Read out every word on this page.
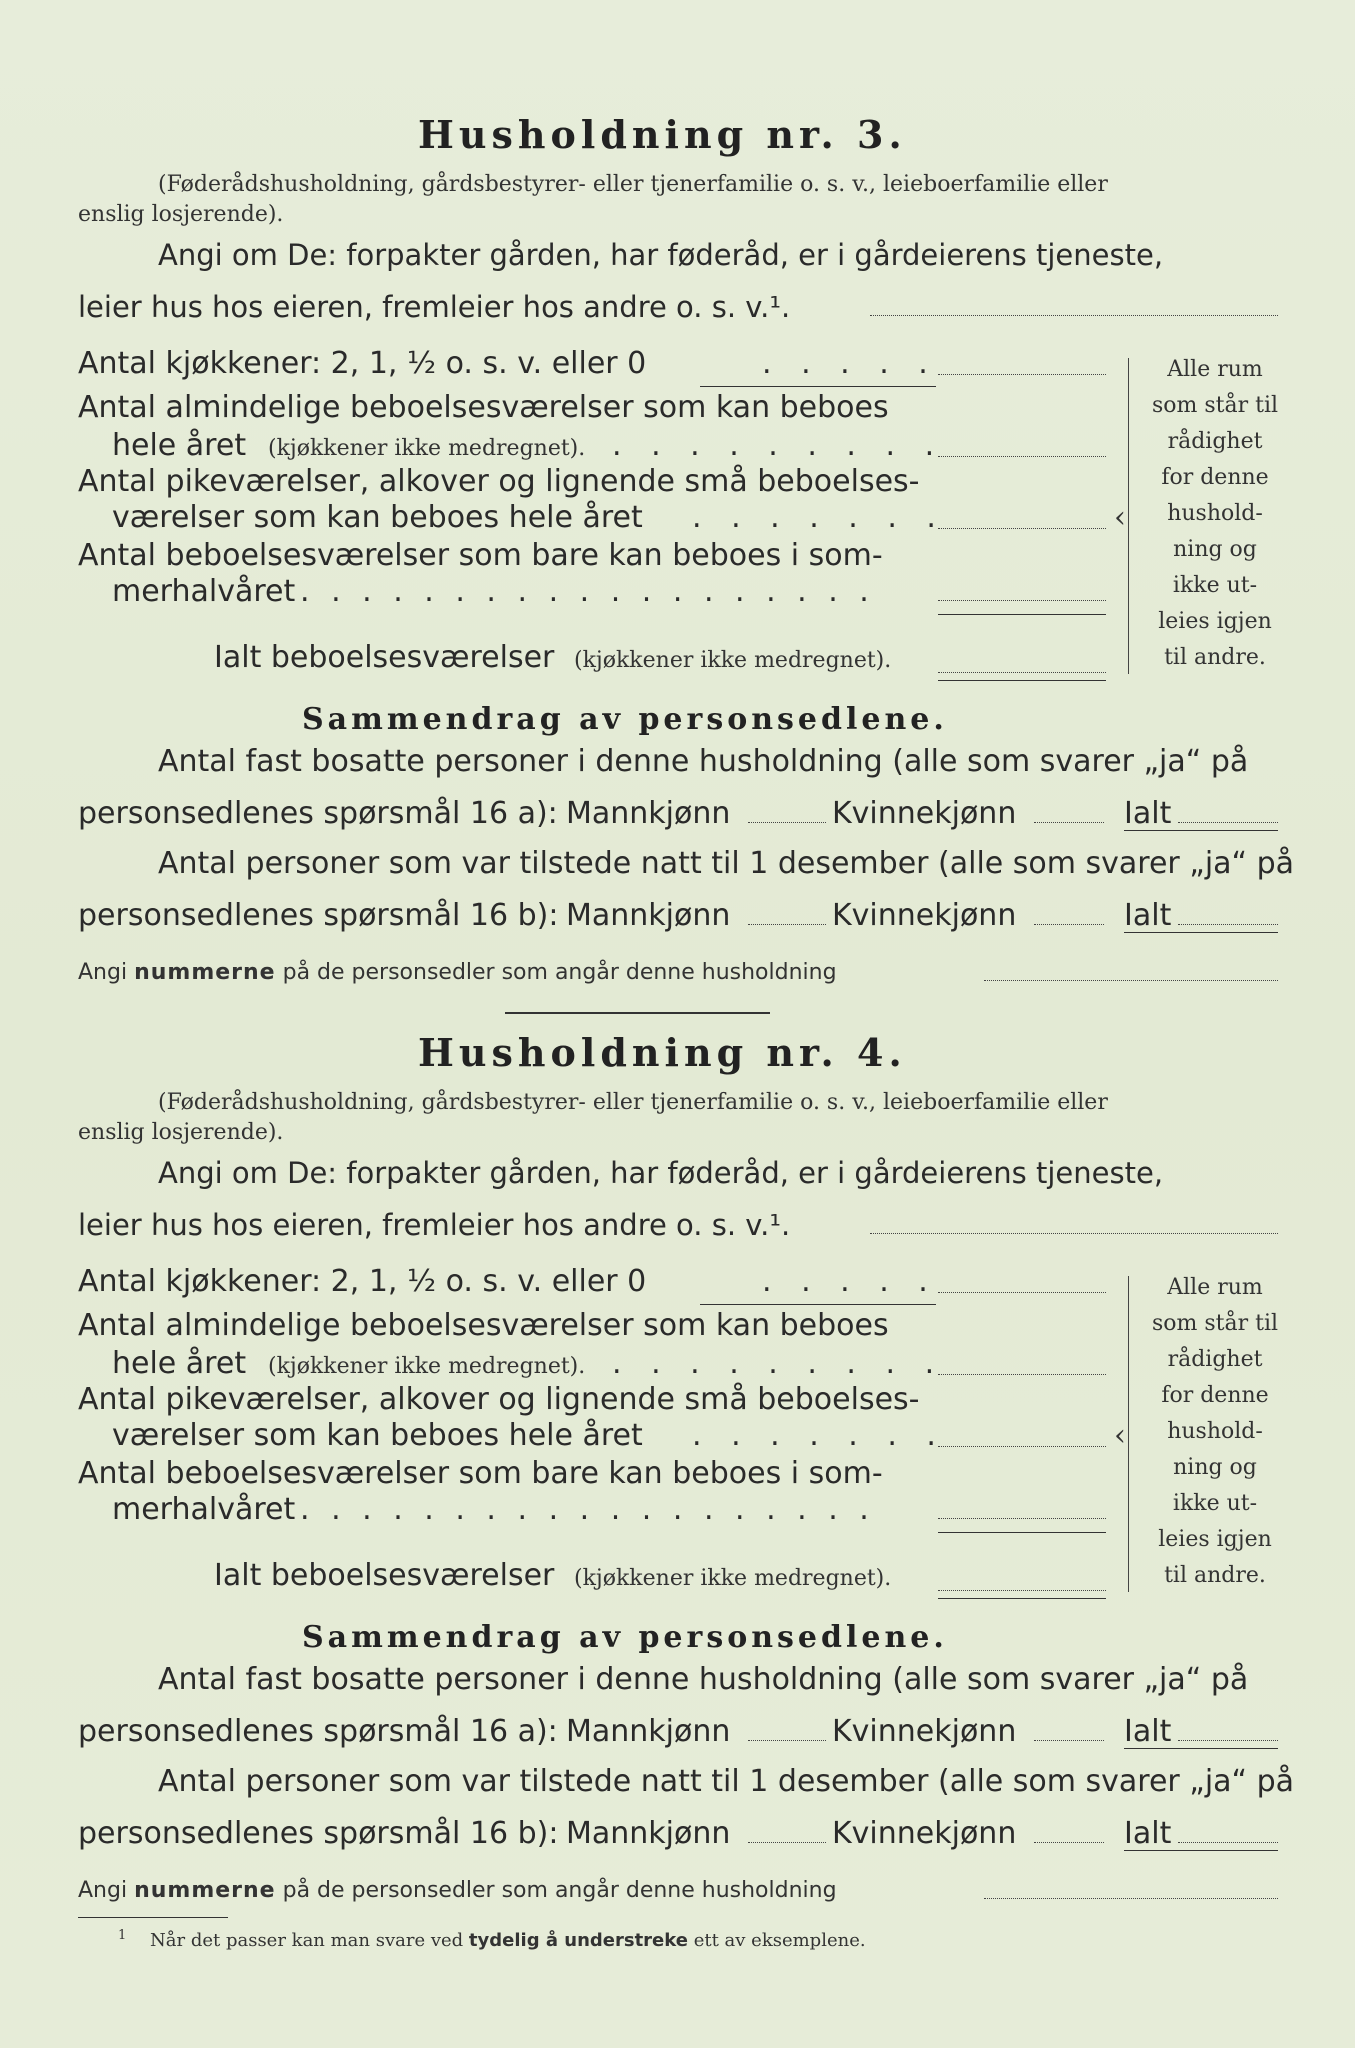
Husholdning nr. 3.
(Føderådshusholdning, gårdsbestyrer- eller tjenerfamilie o. s. v., leieboerfamilie eller
enslig losjerende).
Angi om De: forpakter gården, har føderåd, er i gårdeierens tjeneste,
leier hus hos eieren, fremleier hos andre o. s. v.¹.
Antal kjøkkener: 2, 1, ½ o. s. v. eller 0	. . . . .
Antal almindelige beboelsesværelser som kan beboes
hele året (kjøkkener ikke medregnet). . . . . . . . . .
Antal pikeværelser, alkover og lignende små beboelses-
værelser som kan beboes hele året . . . . . . .
Antal beboelsesværelser som bare kan beboes i som-
merhalvåret . . . . . . . . . . . . . . . . . . .
Ialt beboelsesværelser (kjøkkener ikke medregnet).
‹
Alle rum
som står til
rådighet
for denne
hushold-
ning og
ikke ut-
leies igjen
til andre.
Sammendrag av personsedlene.
Antal fast bosatte personer i denne husholdning (alle som svarer „ja“ på
personsedlenes spørsmål 16 a): Mannkjønn	Kvinnekjønn	Ialt
Antal personer som var tilstede natt til 1 desember (alle som svarer „ja“ på
personsedlenes spørsmål 16 b): Mannkjønn	Kvinnekjønn	Ialt
Angi nummerne på de personsedler som angår denne husholdning
Husholdning nr. 4.
(Føderådshusholdning, gårdsbestyrer- eller tjenerfamilie o. s. v., leieboerfamilie eller
enslig losjerende).
Angi om De: forpakter gården, har føderåd, er i gårdeierens tjeneste,
leier hus hos eieren, fremleier hos andre o. s. v.¹.
Antal kjøkkener: 2, 1, ½ o. s. v. eller 0	. . . . .
Antal almindelige beboelsesværelser som kan beboes
hele året (kjøkkener ikke medregnet). . . . . . . . . .
Antal pikeværelser, alkover og lignende små beboelses-
værelser som kan beboes hele året . . . . . . .
Antal beboelsesværelser som bare kan beboes i som-
merhalvåret . . . . . . . . . . . . . . . . . . .
Ialt beboelsesværelser (kjøkkener ikke medregnet).
‹
Alle rum
som står til
rådighet
for denne
hushold-
ning og
ikke ut-
leies igjen
til andre.
Sammendrag av personsedlene.
Antal fast bosatte personer i denne husholdning (alle som svarer „ja“ på
personsedlenes spørsmål 16 a): Mannkjønn	Kvinnekjønn	Ialt
Antal personer som var tilstede natt til 1 desember (alle som svarer „ja“ på
personsedlenes spørsmål 16 b): Mannkjønn	Kvinnekjønn	Ialt
Angi nummerne på de personsedler som angår denne husholdning
$^1$ Når det passer kan man svare ved tydelig å understreke ett av eksemplene.
